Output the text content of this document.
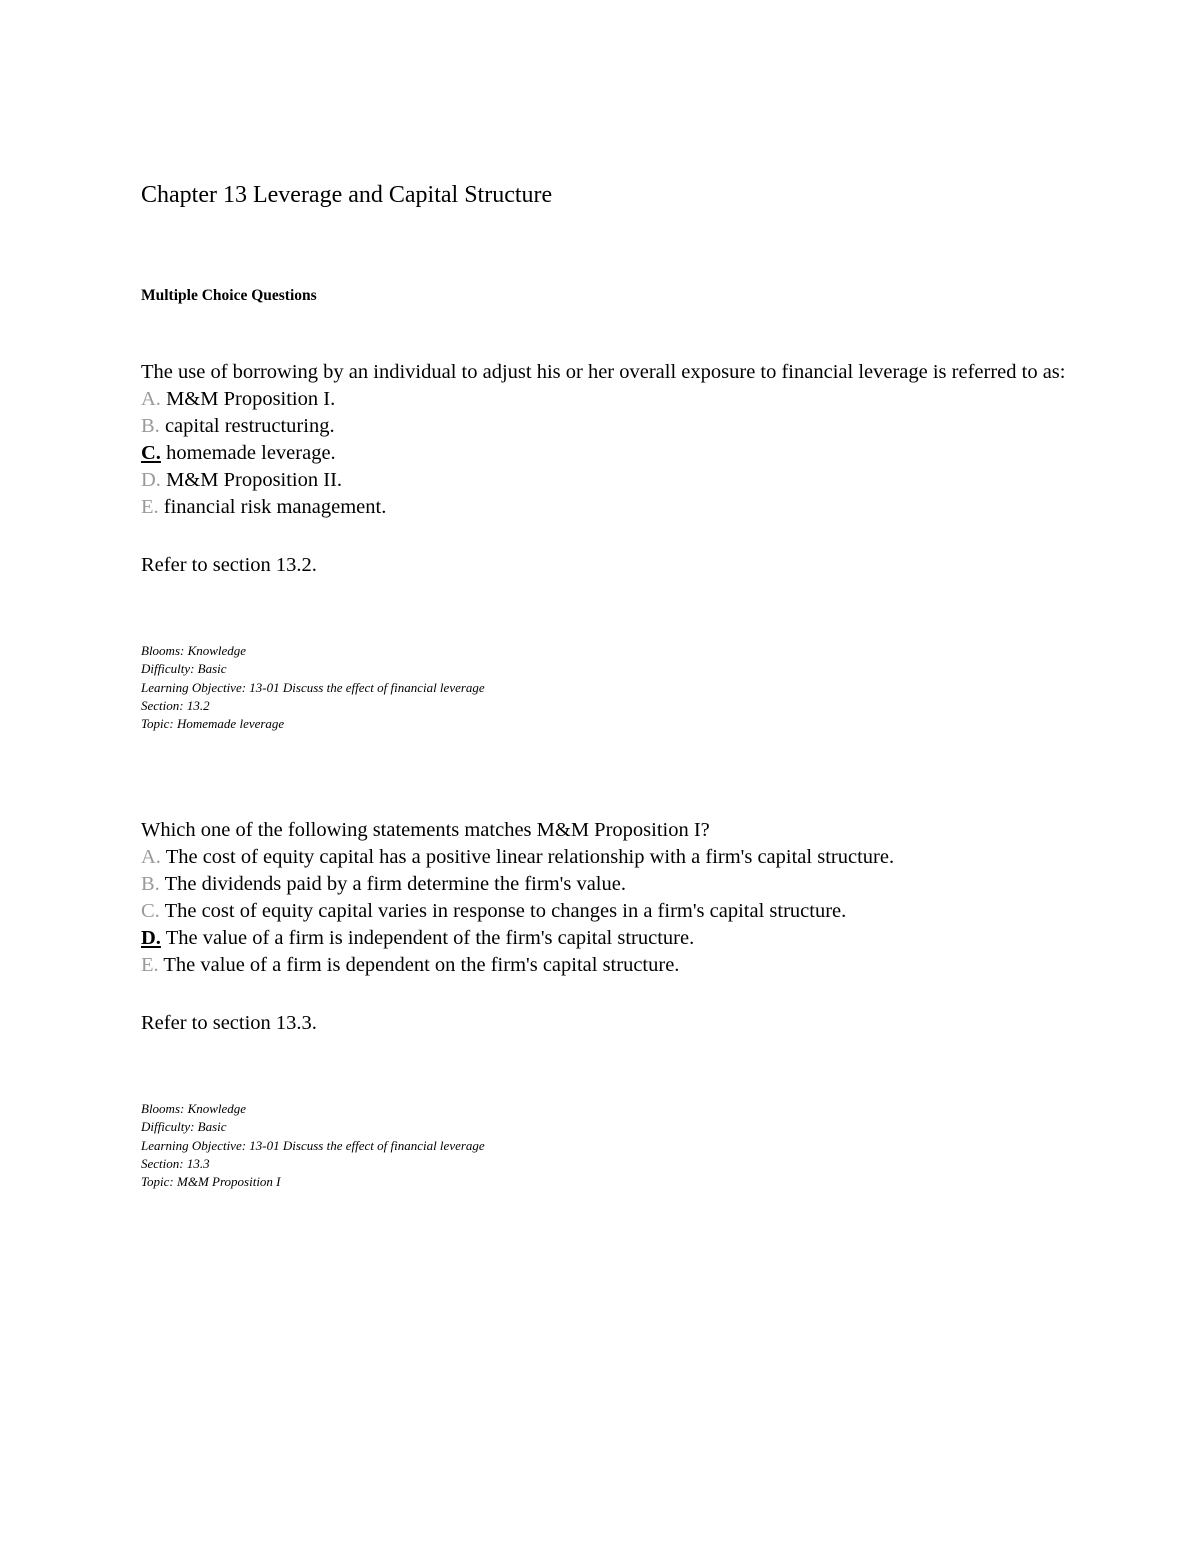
Chapter 13 Leverage and Capital Structure
Multiple Choice Questions

The use of borrowing by an individual to adjust his or her overall exposure to financial leverage is referred to as:

A. M&M Proposition I.
B. capital restructuring.
C. homemade leverage.
D. M&M Proposition II.
E. financial risk management.
Refer to section 13.2.
Blooms: Knowledge
Difficulty: Basic
Learning Objective: 13-01 Discuss the effect of financial leverage
Section: 13.2
Topic: Homemade leverage

Which one of the following statements matches M&M Proposition I?

A. The cost of equity capital has a positive linear relationship with a firm's capital structure.
B. The dividends paid by a firm determine the firm's value.
C. The cost of equity capital varies in response to changes in a firm's capital structure.
D. The value of a firm is independent of the firm's capital structure.
E. The value of a firm is dependent on the firm's capital structure.
Refer to section 13.3.
Blooms: Knowledge
Difficulty: Basic
Learning Objective: 13-01 Discuss the effect of financial leverage
Section: 13.3
Topic: M&M Proposition I
